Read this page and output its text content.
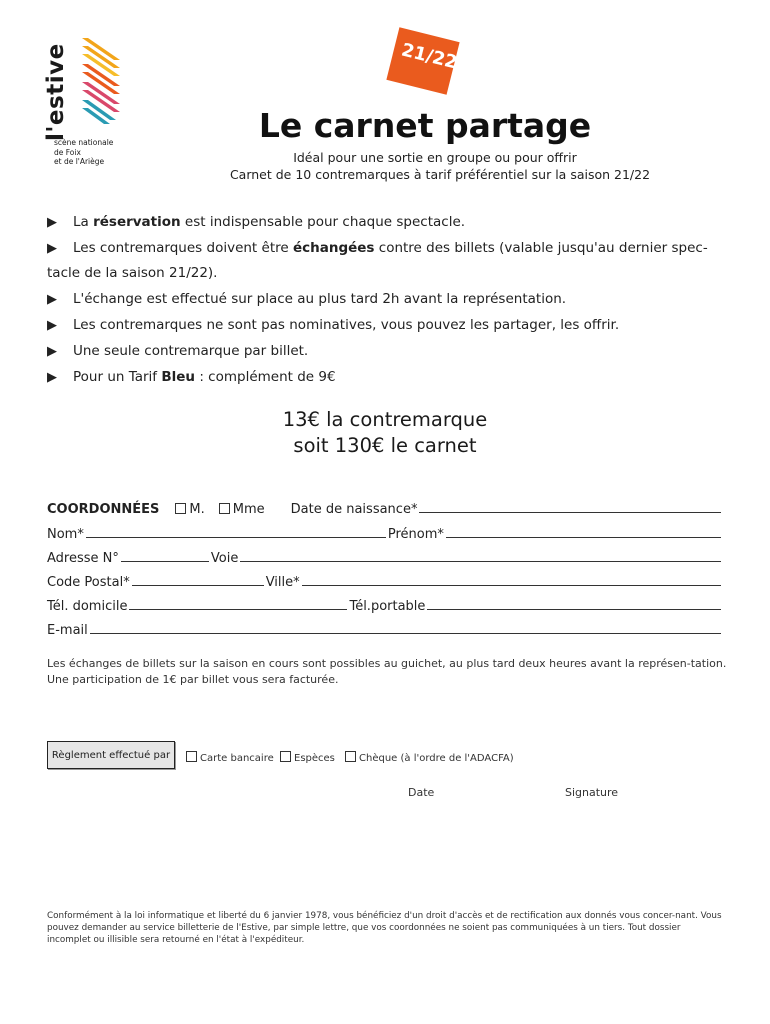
l'estive
scène nationale
de Foix
et de l'Ariège
21/22
Le carnet partage
Idéal pour une sortie en groupe ou pour offrir
Carnet de 10 contremarques à tarif préférentiel sur la saison 21/22
▶ La réservation est indispensable pour chaque spectacle.
▶ Les contremarques doivent être échangées contre des billets (valable jusqu'au dernier spec-
tacle de la saison 21/22).
▶ L'échange est effectué sur place au plus tard 2h avant la représentation.
▶ Les contremarques ne sont pas nominatives, vous pouvez les partager, les offrir.
▶ Une seule contremarque par billet.
▶ Pour un Tarif Bleu : complément de 9€
13€ la contremarque
soit 130€ le carnet
COORDONNÉES	M.	Mme Date de naissance*
Nom*	Prénom*
Adresse N°	Voie
Code Postal*	Ville*
Tél. domicile	Tél.portable
E-mail
Les échanges de billets sur la saison en cours sont possibles au guichet, au plus tard deux heures avant la représen-tation. Une participation de 1€ par billet vous sera facturée.
Règlement effectué par	Carte bancaire	Espèces	Chèque (à l'ordre de l'ADACFA)
Date	Signature
Conformément à la loi informatique et liberté du 6 janvier 1978, vous bénéficiez d'un droit d'accès et de rectification aux donnés vous concer-nant. Vous pouvez demander au service billetterie de l'Estive, par simple lettre, que vos coordonnées ne soient pas communiquées à un tiers. Tout dossier incomplet ou illisible sera retourné en l'état à l'expéditeur.
